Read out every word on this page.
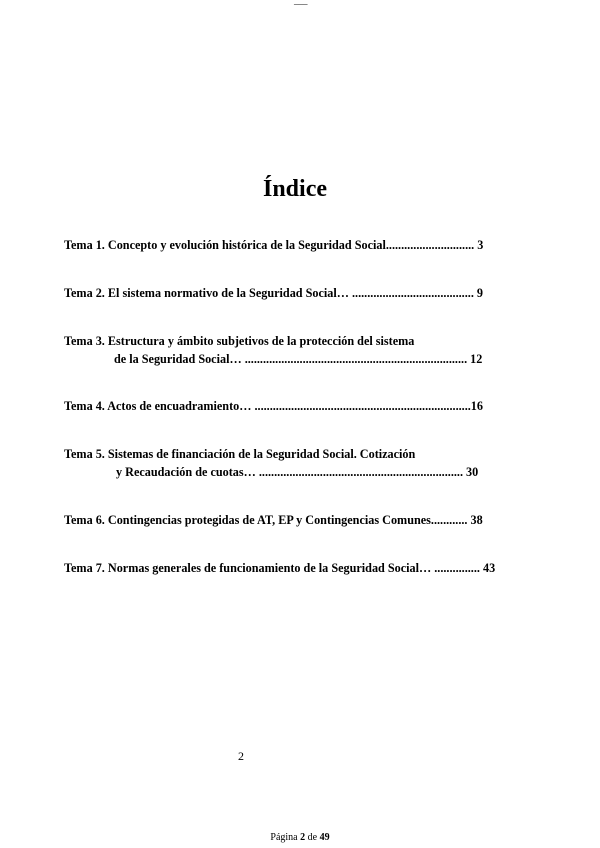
___
Índice
Tema 1. Concepto y evolución histórica de la Seguridad Social............................. 3
Tema 2. El sistema normativo de la Seguridad Social… ........................................ 9
Tema 3. Estructura y ámbito subjetivos de la protección del sistema
de la Seguridad Social… ......................................................................... 12
Tema 4. Actos de encuadramiento… .......................................................................16
Tema 5. Sistemas de financiación de la Seguridad Social. Cotización
y Recaudación de cuotas… ................................................................... 30
Tema 6. Contingencias protegidas de AT, EP y Contingencias Comunes............ 38
Tema 7. Normas generales de funcionamiento de la Seguridad Social… ............... 43
2
Página 2 de 49
